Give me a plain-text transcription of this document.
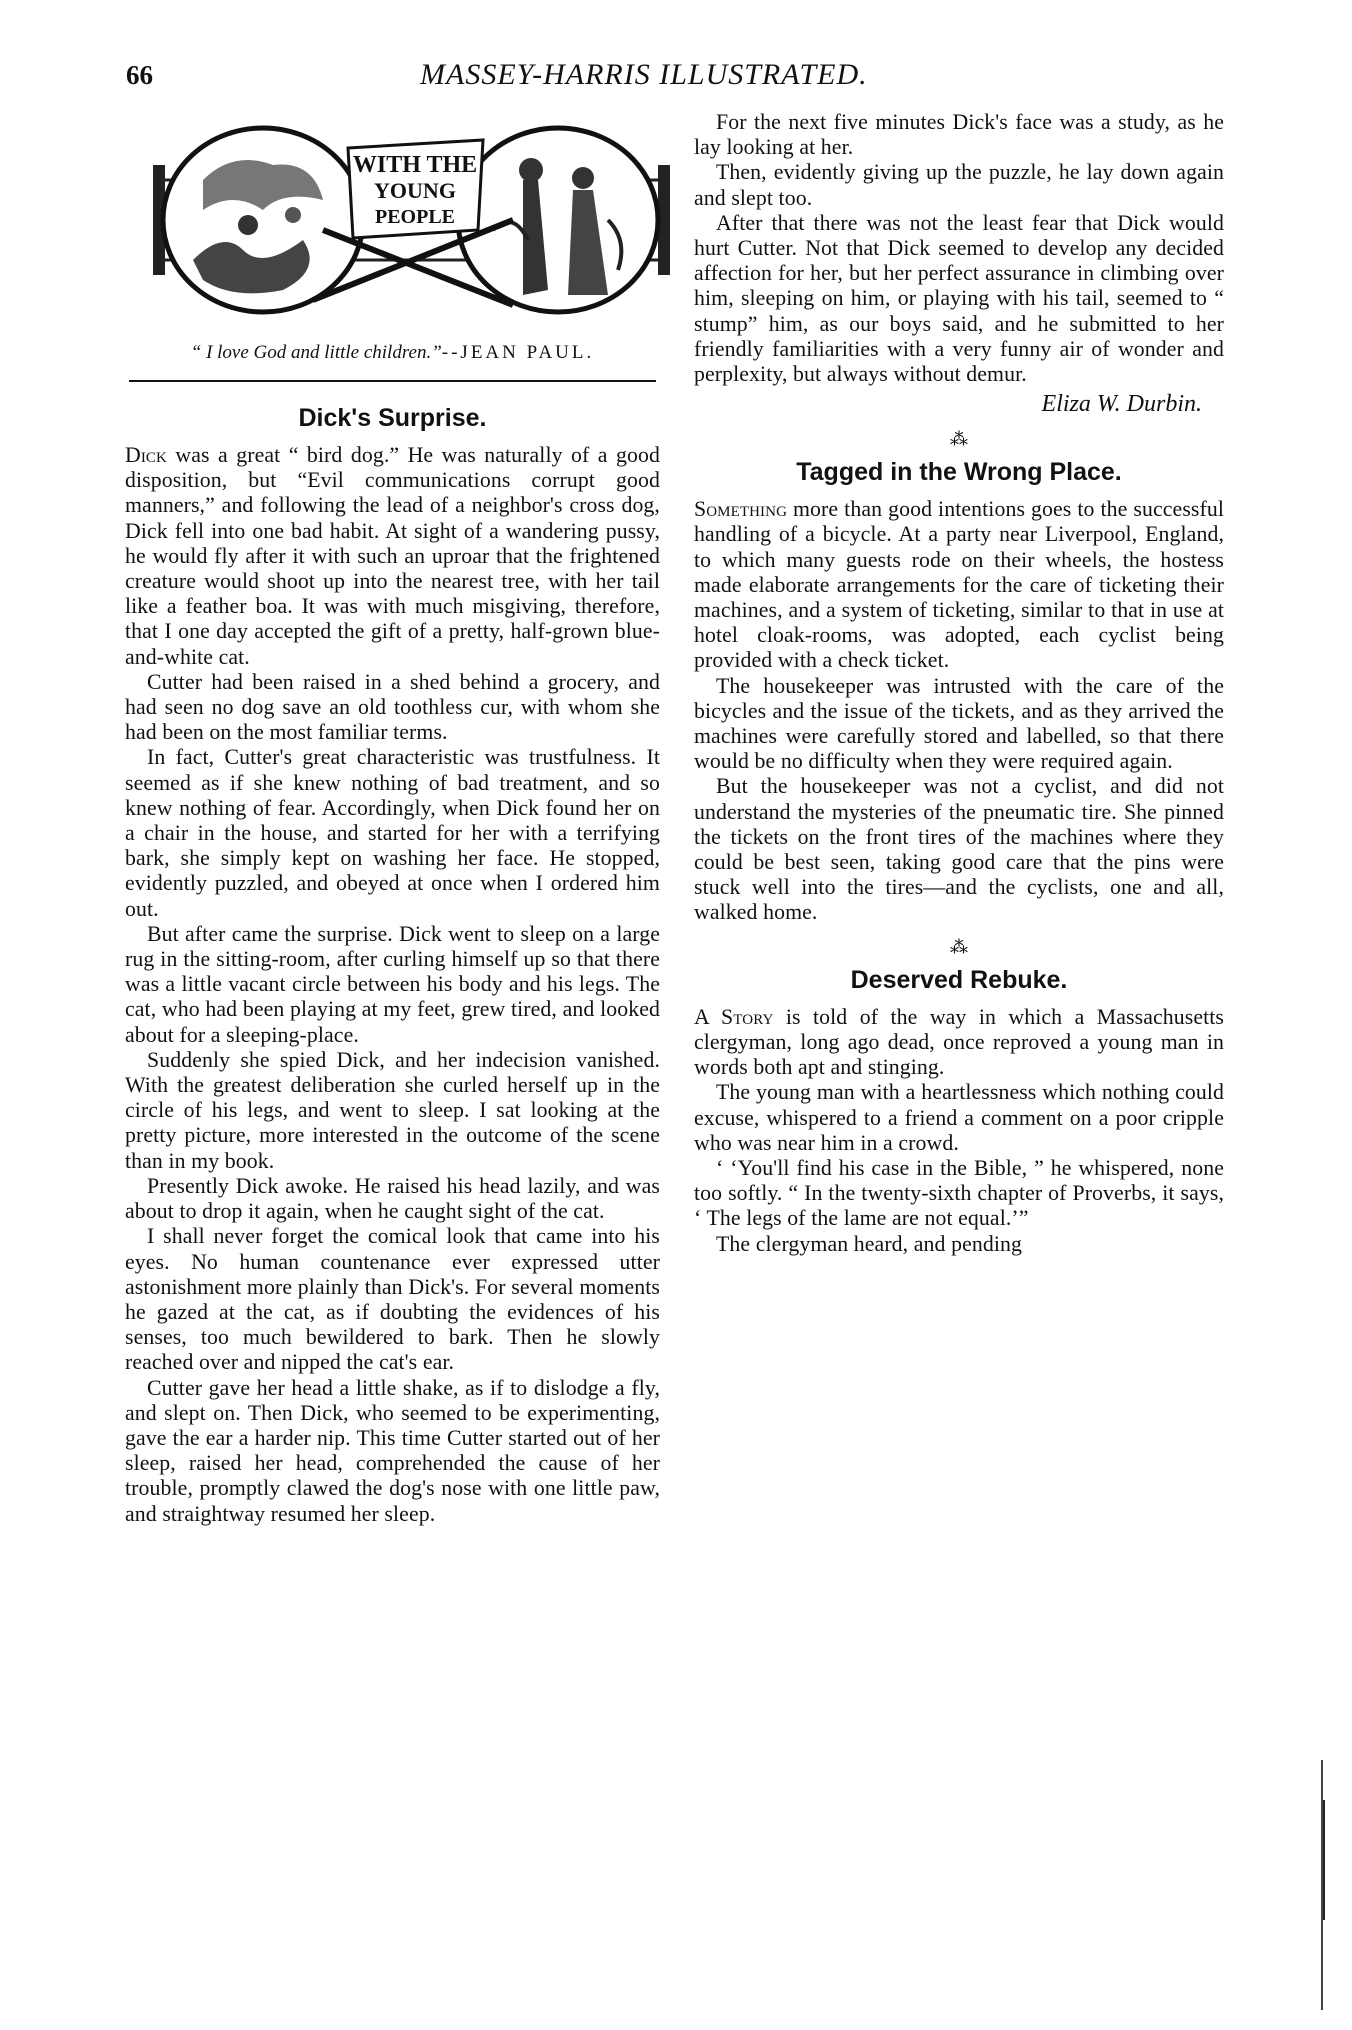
66	MASSEY-HARRIS ILLUSTRATED.
WITH THE
YOUNG
PEOPLE
“ I love God and little children.”--JEAN PAUL.
Dick's Surprise.

Dick was a great “ bird dog.” He was naturally of a good disposition, but “Evil communications corrupt good manners,” and following the lead of a neighbor's cross dog, Dick fell into one bad habit. At sight of a wandering pussy, he would fly after it with such an uproar that the frightened creature would shoot up into the nearest tree, with her tail like a feather boa. It was with much misgiving, therefore, that I one day accepted the gift of a pretty, half-grown blue-and-white cat.

Cutter had been raised in a shed behind a grocery, and had seen no dog save an old toothless cur, with whom she had been on the most familiar terms.

In fact, Cutter's great characteristic was trustfulness. It seemed as if she knew nothing of bad treatment, and so knew nothing of fear. Accordingly, when Dick found her on a chair in the house, and started for her with a terrifying bark, she simply kept on washing her face. He stopped, evidently puzzled, and obeyed at once when I ordered him out.

But after came the surprise. Dick went to sleep on a large rug in the sitting-room, after curling himself up so that there was a little vacant circle between his body and his legs. The cat, who had been playing at my feet, grew tired, and looked about for a sleeping-place.

Suddenly she spied Dick, and her indecision vanished. With the greatest deliberation she curled herself up in the circle of his legs, and went to sleep. I sat looking at the pretty picture, more interested in the outcome of the scene than in my book.

Presently Dick awoke. He raised his head lazily, and was about to drop it again, when he caught sight of the cat.

I shall never forget the comical look that came into his eyes. No human countenance ever expressed utter astonishment more plainly than Dick's. For several moments he gazed at the cat, as if doubting the evidences of his senses, too much bewildered to bark. Then he slowly reached over and nipped the cat's ear.

Cutter gave her head a little shake, as if to dislodge a fly, and slept on. Then Dick, who seemed to be experimenting, gave the ear a harder nip. This time Cutter started out of her sleep, raised her head, comprehended the cause of her trouble, promptly clawed the dog's nose with one little paw, and straightway resumed her sleep.

For the next five minutes Dick's face was a study, as he lay looking at her.

Then, evidently giving up the puzzle, he lay down again and slept too.

After that there was not the least fear that Dick would hurt Cutter. Not that Dick seemed to develop any decided affection for her, but her perfect assurance in climbing over him, sleeping on him, or playing with his tail, seemed to “ stump” him, as our boys said, and he submitted to her friendly familiarities with a very funny air of wonder and perplexity, but always without demur.

Eliza W. Durbin.
⁂
Tagged in the Wrong Place.

Something more than good intentions goes to the successful handling of a bicycle. At a party near Liverpool, England, to which many guests rode on their wheels, the hostess made elaborate arrangements for the care of ticketing their machines, and a system of ticketing, similar to that in use at hotel cloak-rooms, was adopted, each cyclist being provided with a check ticket.

The housekeeper was intrusted with the care of the bicycles and the issue of the tickets, and as they arrived the machines were carefully stored and labelled, so that there would be no difficulty when they were required again.

But the housekeeper was not a cyclist, and did not understand the mysteries of the pneumatic tire. She pinned the tickets on the front tires of the machines where they could be best seen, taking good care that the pins were stuck well into the tires—and the cyclists, one and all, walked home.

⁂
Deserved Rebuke.

A Story is told of the way in which a Massachusetts clergyman, long ago dead, once reproved a young man in words both apt and stinging.

The young man with a heartlessness which nothing could excuse, whispered to a friend a comment on a poor cripple who was near him in a crowd.

‘ ‘You'll find his case in the Bible, ” he whispered, none too softly. “ In the twenty-sixth chapter of Proverbs, it says, ‘ The legs of the lame are not equal.’”

The clergyman heard, and pending
